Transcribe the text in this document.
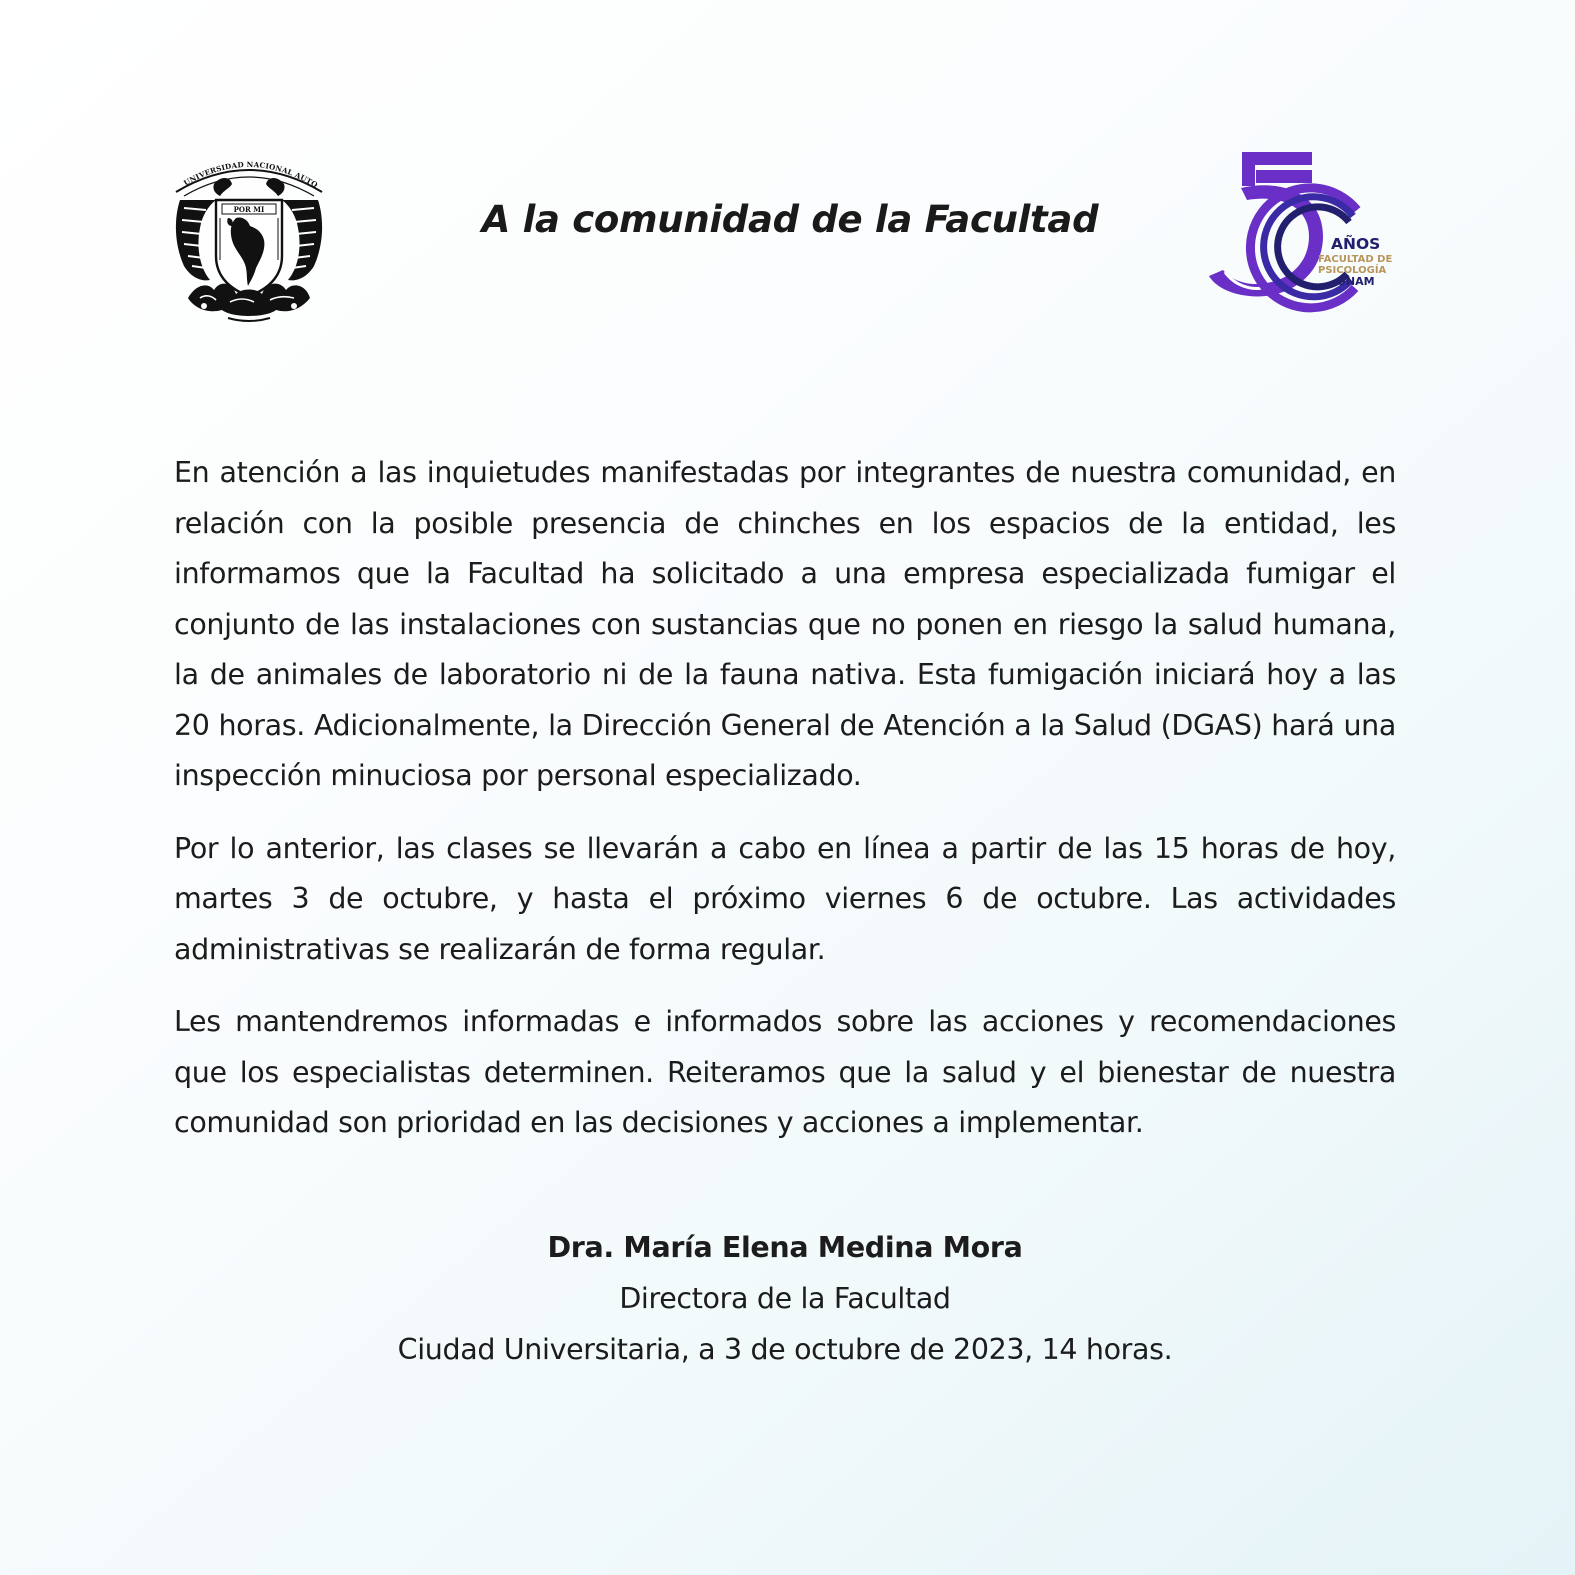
UNIVERSIDAD NACIONAL AUTO
POR MI	A la comunidad de la Facultad
AÑOS
FACULTAD DE
PSICOLOGÍA
UNAM

En atención a las inquietudes manifestadas por integrantes de nuestra comunidad, en relación con la posible presencia de chinches en los espacios de la entidad, les informamos que la Facultad ha solicitado a una empresa especializada fumigar el conjunto de las instalaciones con sustancias que no ponen en riesgo la salud humana, la de animales de laboratorio ni de la fauna nativa. Esta fumigación iniciará hoy a las 20 horas. Adicionalmente, la Dirección General de Atención a la Salud (DGAS) hará una inspección minuciosa por personal especializado.

Por lo anterior, las clases se llevarán a cabo en línea a partir de las 15 horas de hoy, martes 3 de octubre, y hasta el próximo viernes 6 de octubre. Las actividades administrativas se realizarán de forma regular.

Les mantendremos informadas e informados sobre las acciones y recomendaciones que los especialistas determinen. Reiteramos que la salud y el bienestar de nuestra comunidad son prioridad en las decisiones y acciones a implementar.

Dra. María Elena Medina Mora
Directora de la Facultad
Ciudad Universitaria, a 3 de octubre de 2023, 14 horas.
